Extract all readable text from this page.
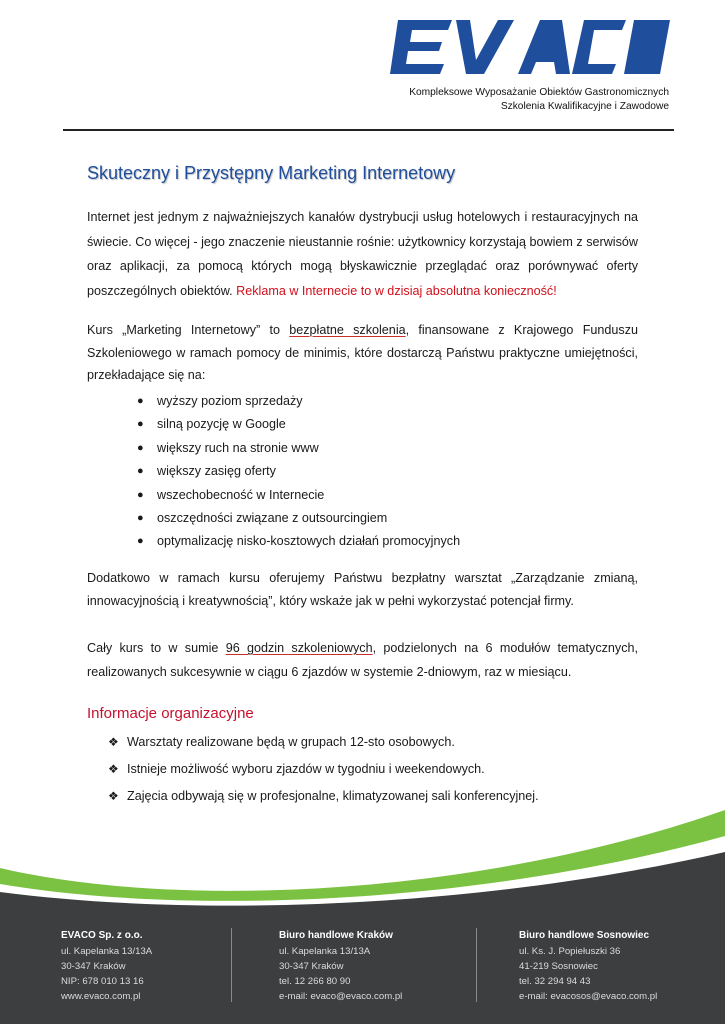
Kompleksowe Wyposażanie Obiektów Gastronomicznych
Szkolenia Kwalifikacyjne i Zawodowe
Skuteczny i Przystępny Marketing Internetowy

Internet jest jednym z najważniejszych kanałów dystrybucji usług hotelowych i restauracyjnych na świecie. Co więcej - jego znaczenie nieustannie rośnie: użytkownicy korzystają bowiem z serwisów oraz aplikacji, za pomocą których mogą błyskawicznie przeglądać oraz porównywać oferty poszczególnych obiektów. Reklama w Internecie to w dzisiaj absolutna konieczność!

Kurs „Marketing Internetowy” to bezpłatne szkolenia, finansowane z Krajowego Funduszu Szkoleniowego w ramach pomocy de minimis, które dostarczą Państwu praktyczne umiejętności, przekładające się na:

● wyższy poziom sprzedaży
● silną pozycję w Google
● większy ruch na stronie www
● większy zasięg oferty
● wszechobecność w Internecie
● oszczędności związane z outsourcingiem
● optymalizację nisko-kosztowych działań promocyjnych

Dodatkowo w ramach kursu oferujemy Państwu bezpłatny warsztat „Zarządzanie zmianą, innowacyjnością i kreatywnością”, który wskaże jak w pełni wykorzystać potencjał firmy.

Cały kurs to w sumie 96 godzin szkoleniowych, podzielonych na 6 modułów tematycznych, realizowanych sukcesywnie w ciągu 6 zjazdów w systemie 2-dniowym, raz w miesiącu.

Informacje organizacyjne
❖ Warsztaty realizowane będą w grupach 12-sto osobowych.
❖ Istnieje możliwość wyboru zjazdów w tygodniu i weekendowych.
❖ Zajęcia odbywają się w profesjonalne, klimatyzowanej sali konferencyjnej.
EVACO Sp. z o.o.
ul. Kapelanka 13/13A
30-347 Kraków
NIP: 678 010 13 16
www.evaco.com.pl
Biuro handlowe Kraków
ul. Kapelanka 13/13A
30-347 Kraków
tel. 12 266 80 90
e-mail: evaco@evaco.com.pl
Biuro handlowe Sosnowiec
ul. Ks. J. Popiełuszki 36
41-219 Sosnowiec
tel. 32 294 94 43
e-mail: evacosos@evaco.com.pl
